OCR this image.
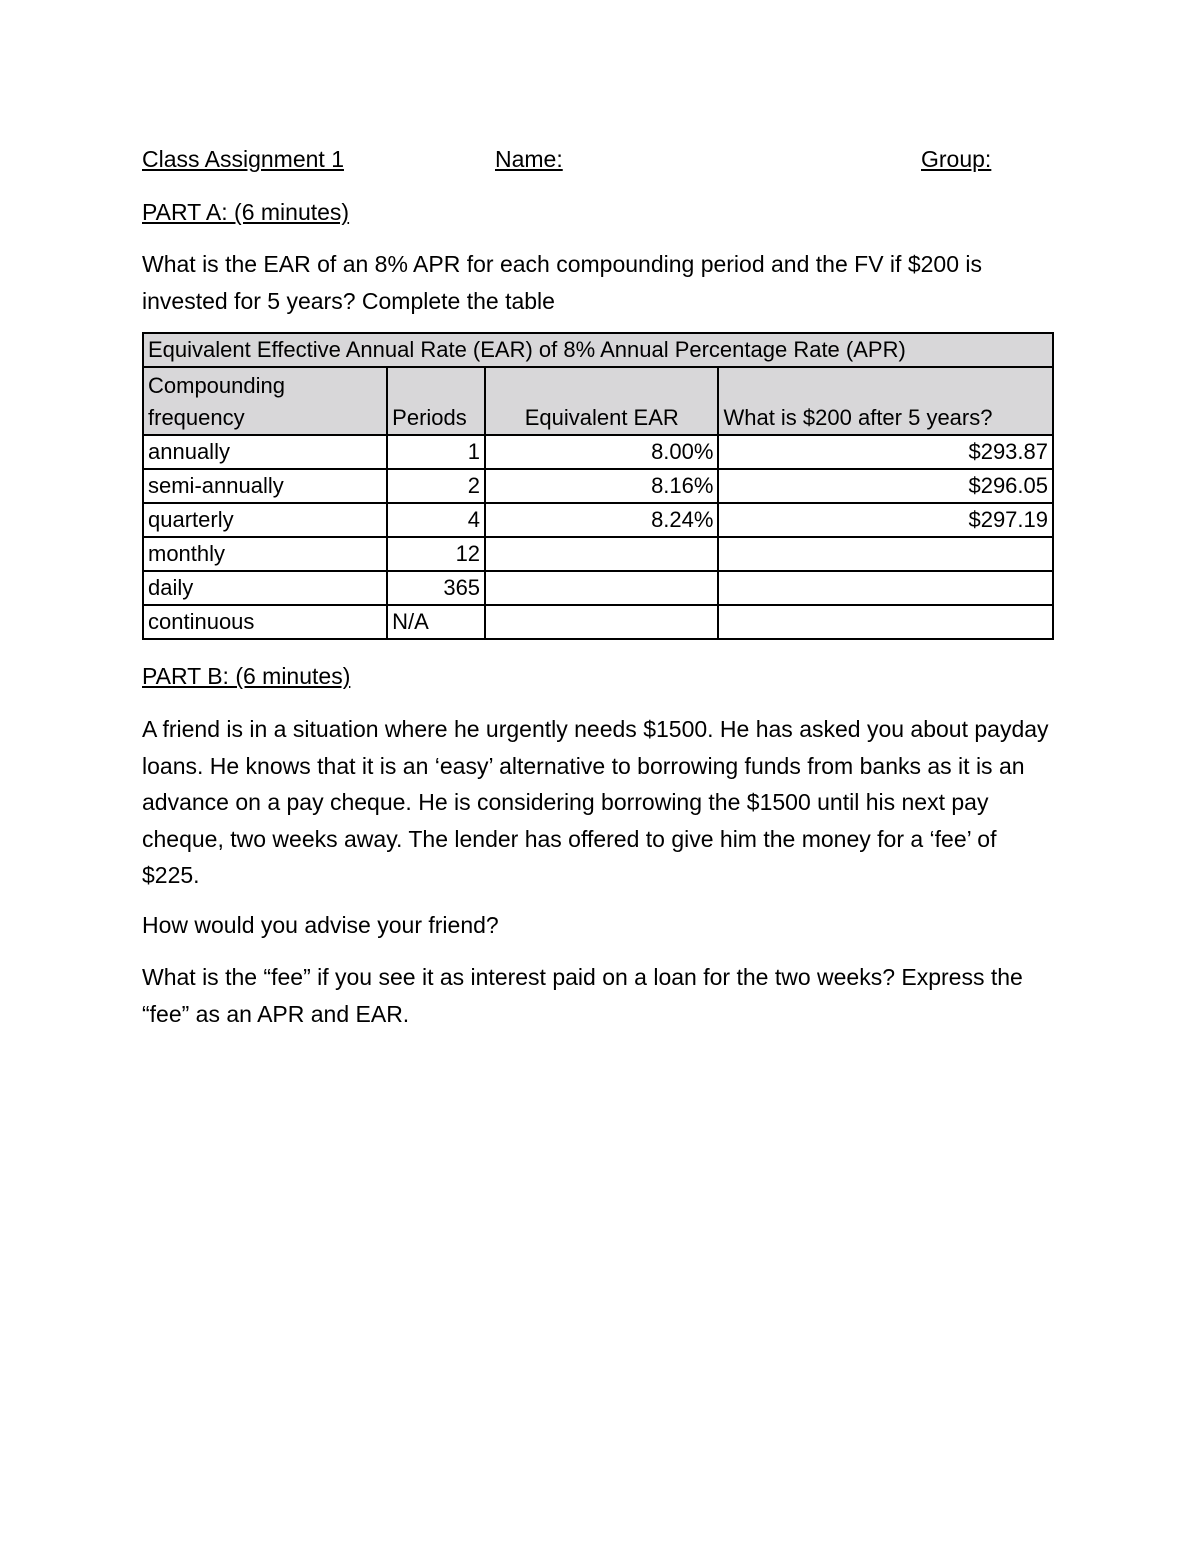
Class Assignment 1	Name:	Group:
PART A: (6 minutes)
What is the EAR of an 8% APR for each compounding period and the FV if $200 is invested for 5 years? Complete the table
Equivalent Effective Annual Rate (EAR) of 8% Annual Percentage Rate (APR)			
Compounding frequency	Periods	Equivalent EAR	What is $200 after 5 years?
annually	1	8.00%	$293.87
semi-annually	2	8.16%	$296.05
quarterly	4	8.24%	$297.19
monthly	12		
daily	365		
continuous	N/A		
PART B: (6 minutes)
A friend is in a situation where he urgently needs $1500. He has asked you about payday loans. He knows that it is an ‘easy’ alternative to borrowing funds from banks as it is an advance on a pay cheque. He is considering borrowing the $1500 until his next pay cheque, two weeks away. The lender has offered to give him the money for a ‘fee’ of $225.
How would you advise your friend?
What is the “fee” if you see it as interest paid on a loan for the two weeks? Express the “fee” as an APR and EAR.
